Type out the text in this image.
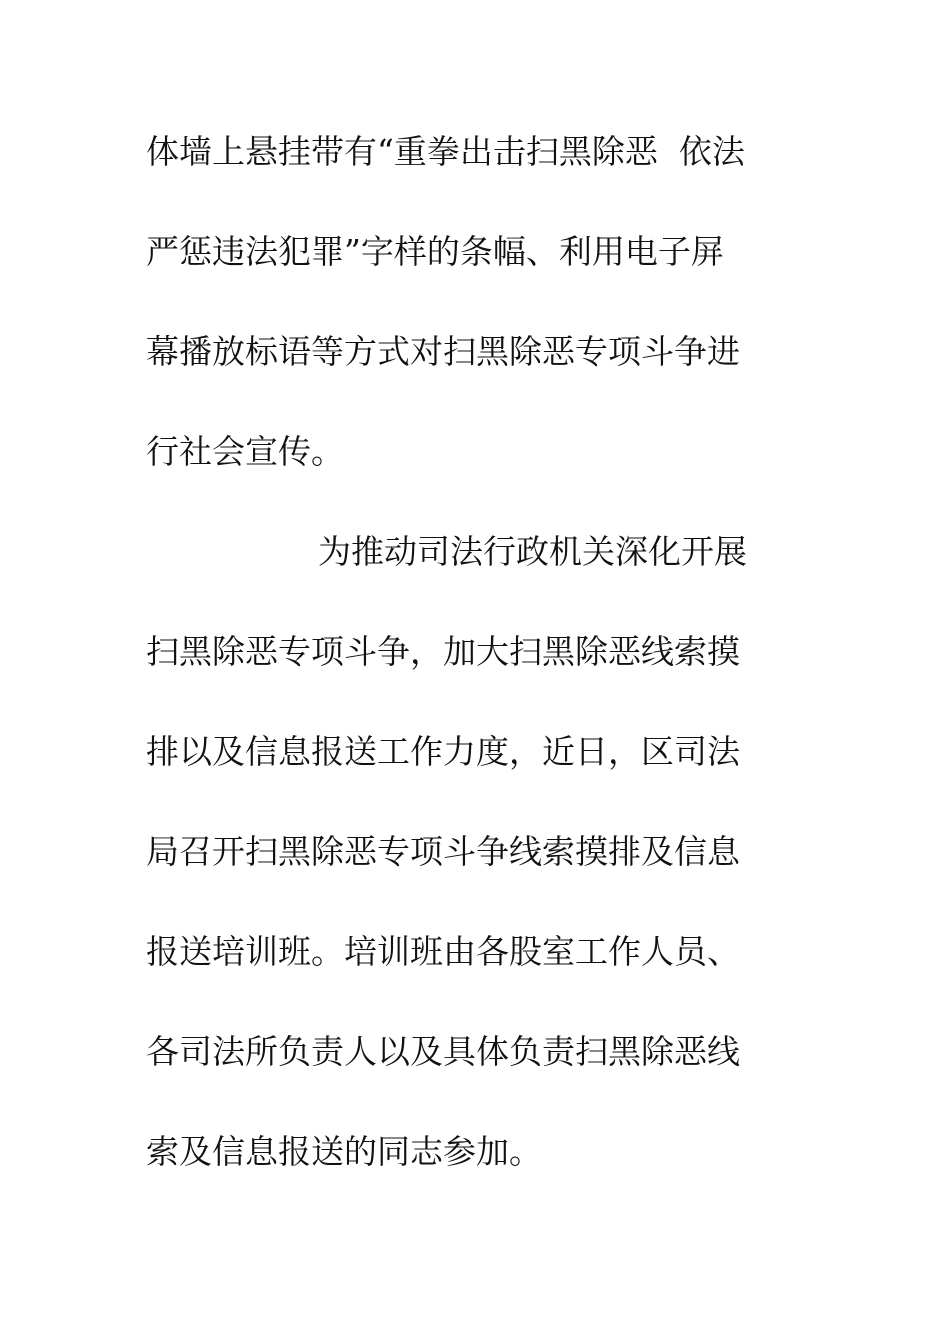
体墙上悬挂带有“重拳出击扫黑除恶  依法
严惩违法犯罪”字样的条幅、利用电子屏
幕播放标语等方式对扫黑除恶专项斗争进
行社会宣传。
为推动司法行政机关深化开展
扫黑除恶专项斗争，加大扫黑除恶线索摸
排以及信息报送工作力度，近日，区司法
局召开扫黑除恶专项斗争线索摸排及信息
报送培训班。培训班由各股室工作人员、
各司法所负责人以及具体负责扫黑除恶线
索及信息报送的同志参加。
